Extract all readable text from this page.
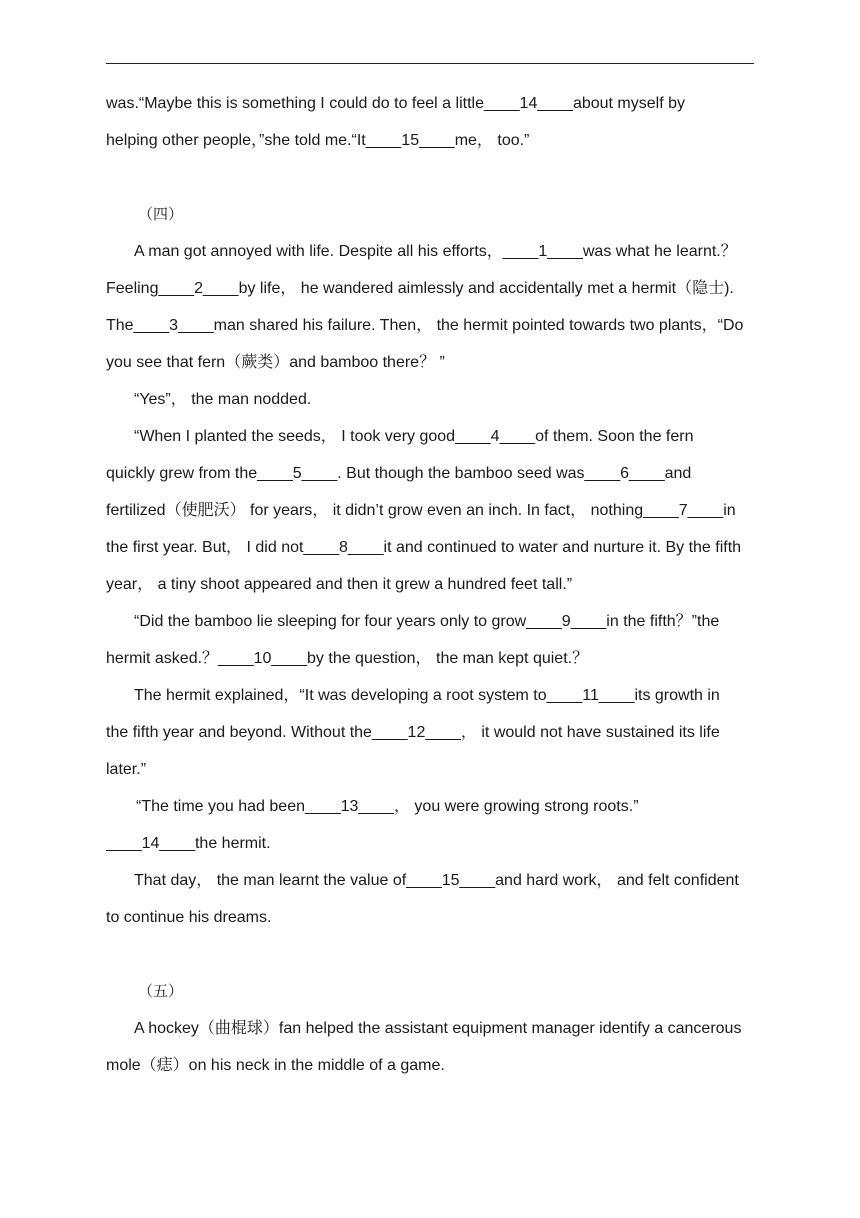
was.“Maybe this is something I could do to feel a little____14____about myself by
helping other people，”she told me.“It____15____me， too.”
（四）
A man got annoyed with life. Despite all his efforts，____1____was what he learnt.？
Feeling____2____by life， he wandered aimlessly and accidentally met a hermit（隐士).
The____3____man shared his failure. Then， the hermit pointed towards two plants，“Do
you see that fern（蕨类）and bamboo there？ ”
“Yes”， the man nodded.
“When I planted the seeds， I took very good____4____of them. Soon the fern
quickly grew from the____5____. But though the bamboo seed was____6____and
fertilized（使肥沃） for years， it didn’t grow even an inch. In fact， nothing____7____in
the first year. But， I did not____8____it and continued to water and nurture it. By the fifth
year， a tiny shoot appeared and then it grew a hundred feet tall.”
“Did the bamboo lie sleeping for four years only to grow____9____in the fifth？”the
hermit asked.？____10____by the question， the man kept quiet.？
The hermit explained，“It was developing a root system to____11____its growth in
the fifth year and beyond. Without the____12____， it would not have sustained its life
later.”
“The time you had been____13____， you were growing strong roots.”
____14____the hermit.
That day， the man learnt the value of____15____and hard work， and felt confident
to continue his dreams.
（五）
A hockey（曲棍球）fan helped the assistant equipment manager identify a cancerous
mole（痣）on his neck in the middle of a game.
